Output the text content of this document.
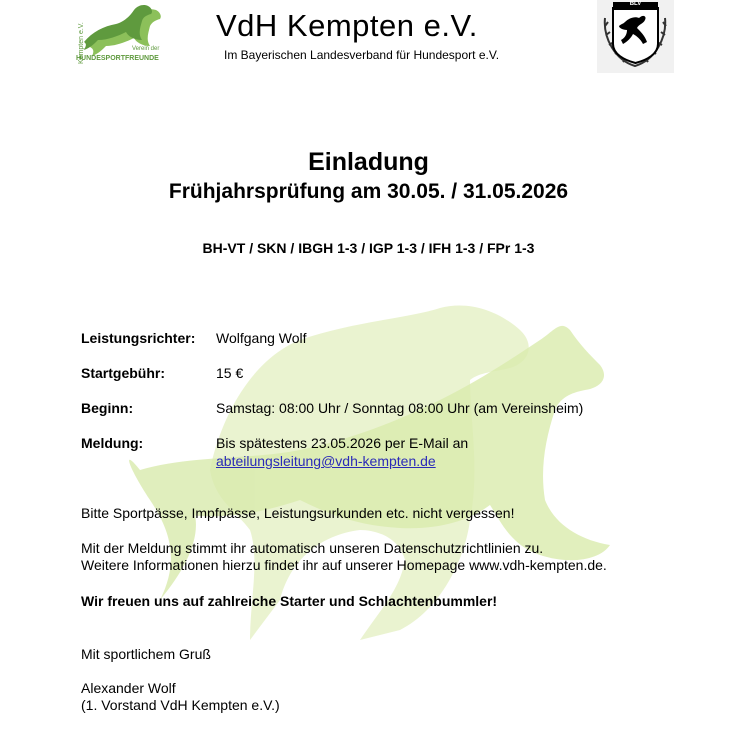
Kempten e.V.	Verein der
HUNDESPORTFREUNDE
VdH Kempten e.V.
Im Bayerischen Landesverband für Hundesport e.V.
BLV
Einladung
Frühjahrsprüfung am 30.05. / 31.05.2026
BH-VT / SKN / IBGH 1-3 / IGP 1-3 / IFH 1-3 / FPr 1-3
Leistungsrichter: Wolfgang Wolf
Startgebühr:	15 €
Beginn:	Samstag: 08:00 Uhr / Sonntag 08:00 Uhr (am Vereinsheim)
Meldung:	Bis spätestens 23.05.2026 per E-Mail an
abteilungsleitung@vdh-kempten.de
Bitte Sportpässe, Impfpässe, Leistungsurkunden etc. nicht vergessen!
Mit der Meldung stimmt ihr automatisch unseren Datenschutzrichtlinien zu.
Weitere Informationen hierzu findet ihr auf unserer Homepage www.vdh-kempten.de.
Wir freuen uns auf zahlreiche Starter und Schlachtenbummler!
Mit sportlichem Gruß
Alexander Wolf
(1. Vorstand VdH Kempten e.V.)
